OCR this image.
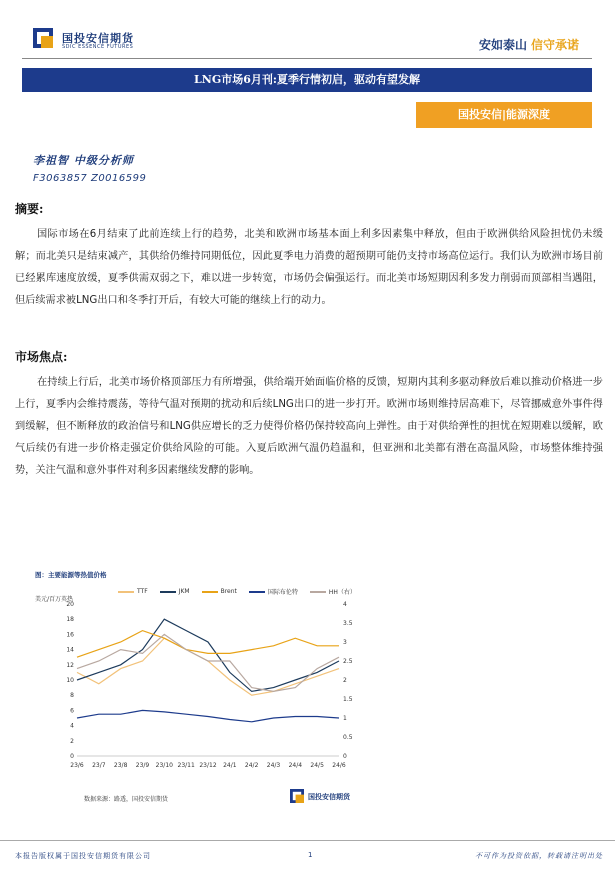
国投安信期货
SDIC ESSENCE FUTURES	安如泰山 信守承诺
LNG市场6月刊:夏季行情初启，驱动有望发解
国投安信|能源深度
李祖智 中级分析师
F3063857 Z0016599
摘要:
国际市场在6月结束了此前连续上行的趋势，北美和欧洲市场基本面上利多因素集中释放，但由于欧洲供给风险担忧仍未缓解；而北美只是结束减产，其供给仍维持同期低位，因此夏季电力消费的超预期可能仍支持市场高位运行。我们认为欧洲市场目前已经累库速度放缓，夏季供需双弱之下，难以进一步转宽，市场仍会偏强运行。而北美市场短期因利多发力削弱而顶部相当遇阻，但后续需求被LNG出口和冬季打开后，有较大可能的继续上行的动力。
市场焦点:
在持续上行后，北美市场价格顶部压力有所增强，供给端开始面临价格的反馈，短期内其利多驱动释放后难以推动价格进一步上行，夏季内会维持震荡，等待气温对预期的扰动和后续LNG出口的进一步打开。欧洲市场则维持居高难下，尽管挪威意外事件得到缓解，但不断释放的政治信号和LNG供应增长的乏力使得价格仍保持较高向上弹性。由于对供给弹性的担忧在短期难以缓解，欧气后续仍有进一步价格走强定价供给风险的可能。入夏后欧洲气温仍趋温和，但亚洲和北美都有潜在高温风险，市场整体维持强势，关注气温和意外事件对利多因素继续发酵的影响。
图：主要能源等热值价格
美元/百万英热
TTF	JKM	Brent	国际布伦特	HH（右）
0
2
4
6
8
10
12
14
16
18
20
0
0.5
1
1.5
2
2.5
3
3.5
4
23/6 23/7 23/8 23/9 23/10 23/11 23/12 24/1 24/2 24/3 24/4 24/5 24/6
数据来源：路透，国投安信期货	国投安信期货
本报告版权属于国投安信期货有限公司	1	不可作为投资依据，转载请注明出处
